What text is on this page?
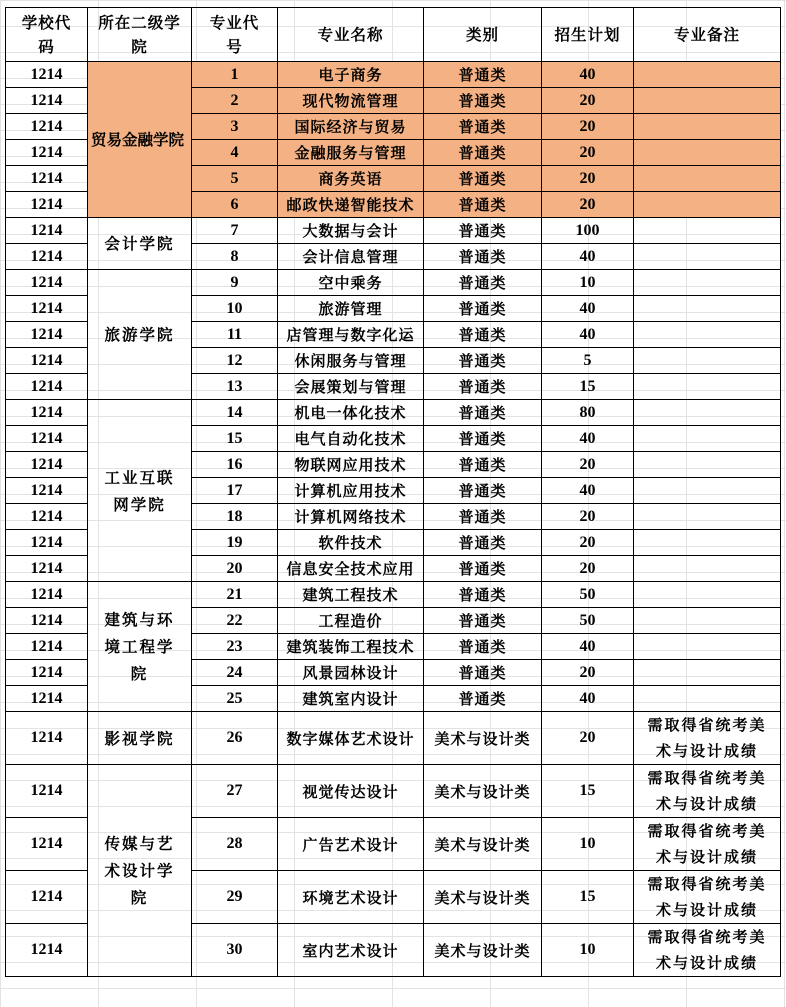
学校代码	所在二级学院	专业代号	专业名称	类别	招生计划	专业备注
1214	贸易金融学院	1	电子商务	普通类	40	
1214		2	现代物流管理	普通类	20	
1214		3	国际经济与贸易	普通类	20	
1214		4	金融服务与管理	普通类	20	
1214		5	商务英语	普通类	20	
1214		6	邮政快递智能技术	普通类	20	
1214	会计学院	7	大数据与会计	普通类	100	
1214		8	会计信息管理	普通类	40	
1214	旅游学院	9	空中乘务	普通类	10	
1214		10	旅游管理	普通类	40	
1214		11	店管理与数字化运	普通类	40	
1214		12	休闲服务与管理	普通类	5	
1214		13	会展策划与管理	普通类	15	
1214	工业互联网学院	14	机电一体化技术	普通类	80	
1214		15	电气自动化技术	普通类	40	
1214		16	物联网应用技术	普通类	20	
1214		17	计算机应用技术	普通类	40	
1214		18	计算机网络技术	普通类	20	
1214		19	软件技术	普通类	20	
1214		20	信息安全技术应用	普通类	20	
1214	建筑与环境工程学院	21	建筑工程技术	普通类	50	
1214		22	工程造价	普通类	50	
1214		23	建筑装饰工程技术	普通类	40	
1214		24	风景园林设计	普通类	20	
1214		25	建筑室内设计	普通类	40	
1214	影视学院	26	数字媒体艺术设计	美术与设计类	20	需取得省统考美术与设计成绩
1214	传媒与艺术设计学院	27	视觉传达设计	美术与设计类	15	需取得省统考美术与设计成绩
1214		28	广告艺术设计	美术与设计类	10	需取得省统考美术与设计成绩
1214		29	环境艺术设计	美术与设计类	15	需取得省统考美术与设计成绩
1214		30	室内艺术设计	美术与设计类	10	需取得省统考美术与设计成绩
